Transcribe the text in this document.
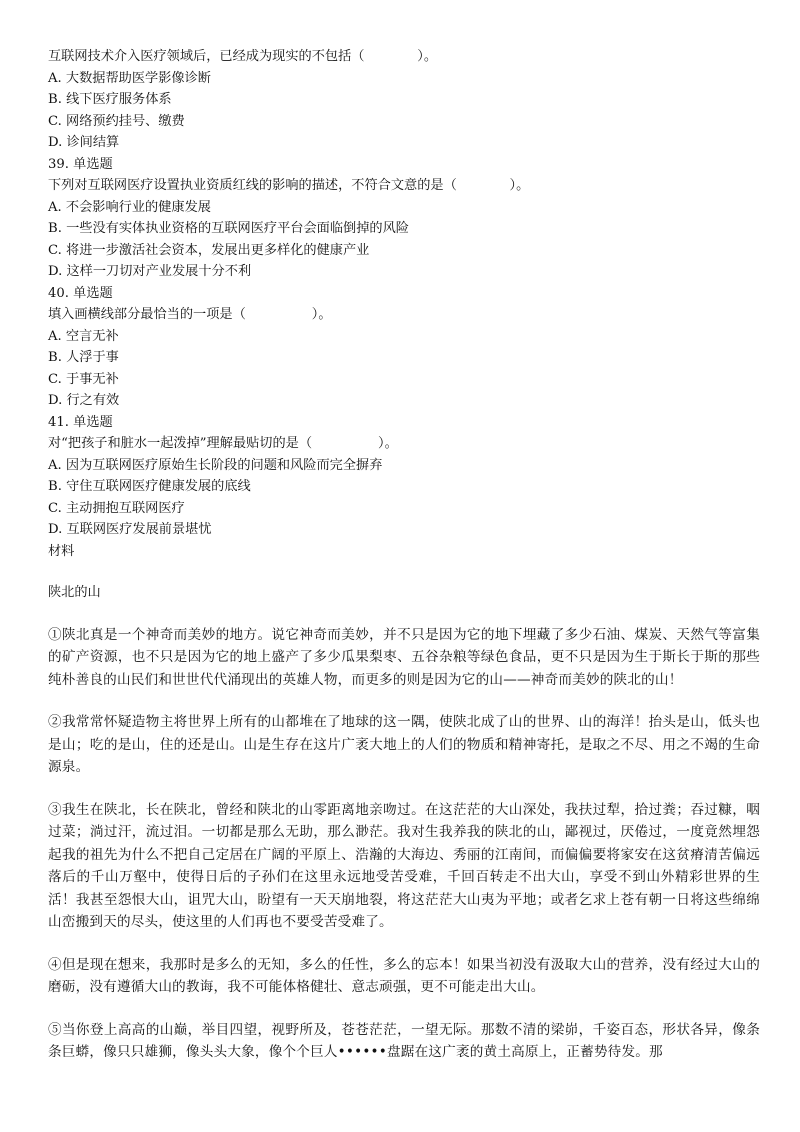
互联网技术介入医疗领域后，已经成为现实的不包括（　　　　）。
A. 大数据帮助医学影像诊断
B. 线下医疗服务体系
C. 网络预约挂号、缴费
D. 诊间结算
39. 单选题
下列对互联网医疗设置执业资质红线的影响的描述，不符合文意的是（　　　　）。
A. 不会影响行业的健康发展
B. 一些没有实体执业资格的互联网医疗平台会面临倒掉的风险
C. 将进一步激活社会资本，发展出更多样化的健康产业
D. 这样一刀切对产业发展十分不利
40. 单选题
填入画横线部分最恰当的一项是（　　　　　）。
A. 空言无补
B. 人浮于事
C. 于事无补
D. 行之有效
41. 单选题
对“把孩子和脏水一起泼掉”理解最贴切的是（　　　　　）。
A. 因为互联网医疗原始生长阶段的问题和风险而完全摒弃
B. 守住互联网医疗健康发展的底线
C. 主动拥抱互联网医疗
D. 互联网医疗发展前景堪忧
材料
陕北的山

①陕北真是一个神奇而美妙的地方。说它神奇而美妙，并不只是因为它的地下埋藏了多少石油、煤炭、天然气等富集的矿产资源，也不只是因为它的地上盛产了多少瓜果梨枣、五谷杂粮等绿色食品，更不只是因为生于斯长于斯的那些纯朴善良的山民们和世世代代涌现出的英雄人物，而更多的则是因为它的山——神奇而美妙的陕北的山！

②我常常怀疑造物主将世界上所有的山都堆在了地球的这一隅，使陕北成了山的世界、山的海洋！抬头是山，低头也是山；吃的是山，住的还是山。山是生存在这片广袤大地上的人们的物质和精神寄托，是取之不尽、用之不竭的生命源泉。

③我生在陕北，长在陕北，曾经和陕北的山零距离地亲吻过。在这茫茫的大山深处，我扶过犁，拾过粪；吞过糠，咽过菜；淌过汗，流过泪。一切都是那么无助，那么渺茫。我对生我养我的陕北的山，鄙视过，厌倦过，一度竟然埋怨起我的祖先为什么不把自己定居在广阔的平原上、浩瀚的大海边、秀丽的江南间，而偏偏要将家安在这贫瘠清苦偏远落后的千山万壑中，使得日后的子孙们在这里永远地受苦受难，千回百转走不出大山，享受不到山外精彩世界的生活！我甚至怨恨大山，诅咒大山，盼望有一天天崩地裂，将这茫茫大山夷为平地；或者乞求上苍有朝一日将这些绵绵山峦搬到天的尽头，使这里的人们再也不要受苦受难了。

④但是现在想来，我那时是多么的无知，多么的任性，多么的忘本！如果当初没有汲取大山的营养，没有经过大山的磨砺，没有遵循大山的教诲，我不可能体格健壮、意志顽强，更不可能走出大山。

⑤当你登上高高的山巅，举目四望，视野所及，苍苍茫茫，一望无际。那数不清的梁峁，千姿百态，形状各异，像条条巨蟒，像只只雄狮，像头头大象，像个个巨人••••••盘踞在这广袤的黄土高原上，正蓄势待发。那
